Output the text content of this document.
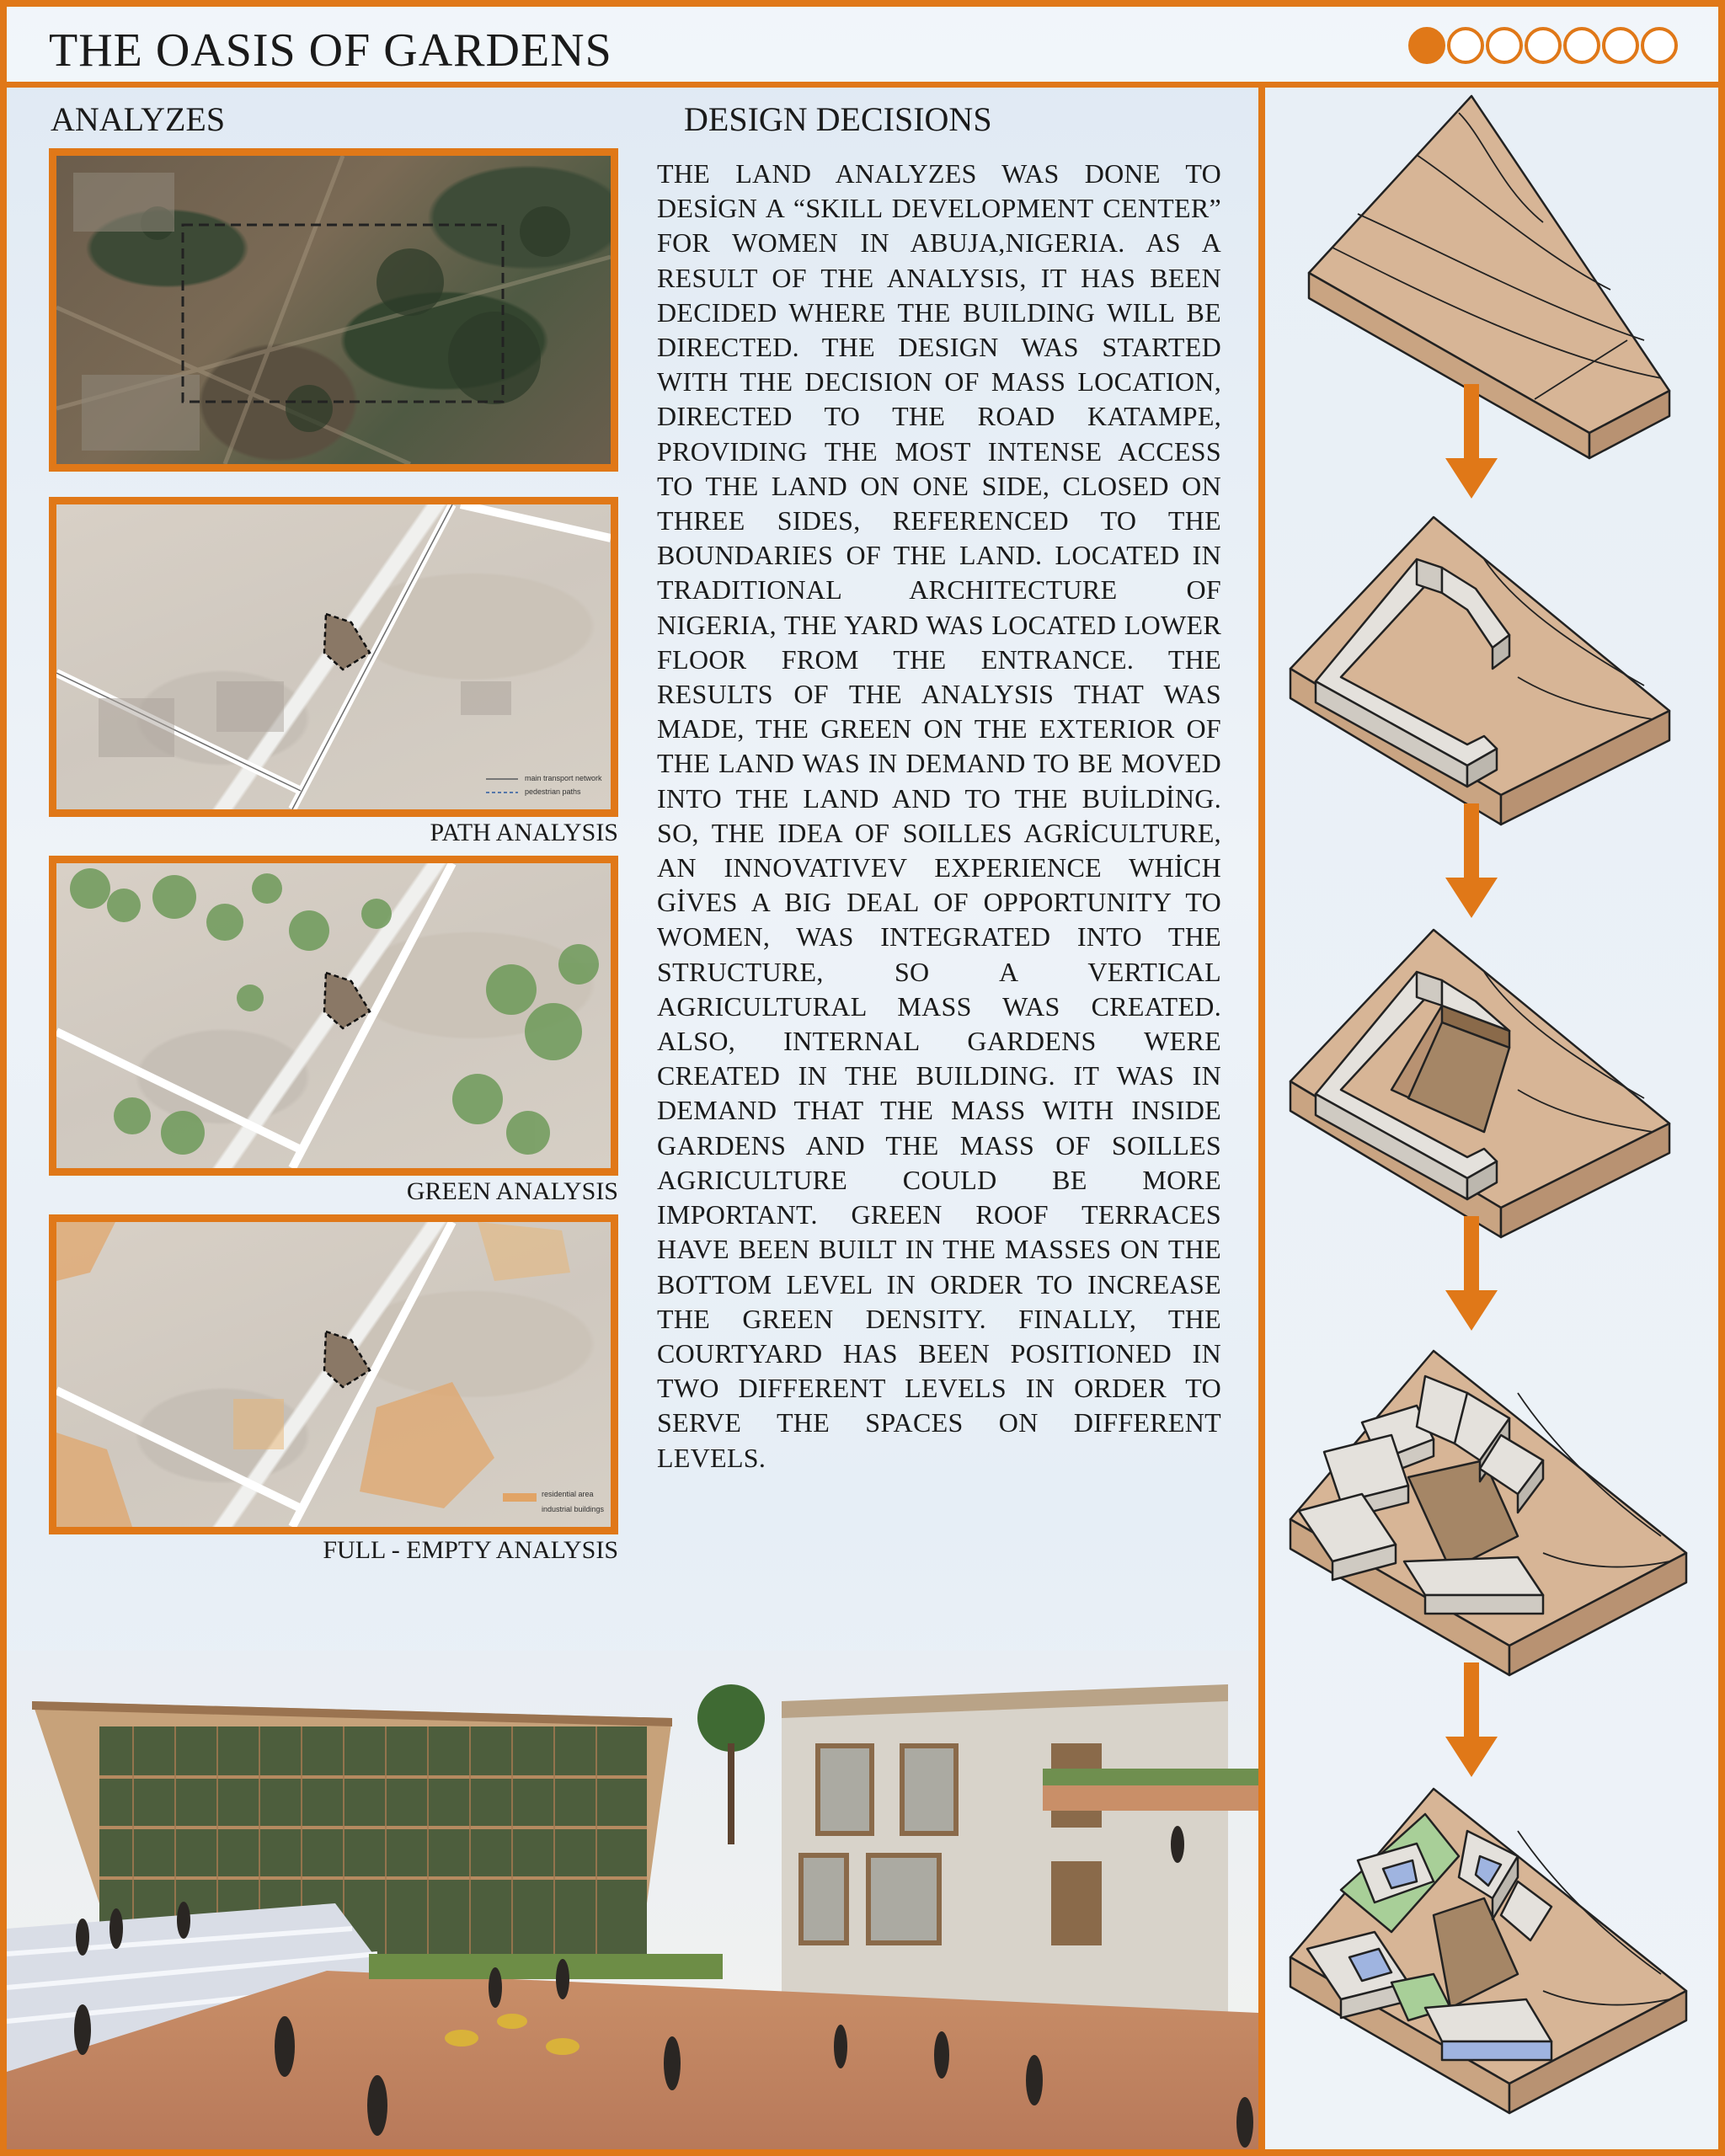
THE OASIS OF GARDENS
ANALYZES
main transport network
pedestrian paths
PATH ANALYSIS
GREEN ANALYSIS
residential area
industrial buildings
FULL - EMPTY ANALYSIS
DESIGN DECISIONS
THE LAND ANALYZES WAS DONE TO DESİGN A “SKILL DEVELOPMENT CENTER” FOR WOMEN IN ABUJA,NIGERIA. AS A RESULT OF THE ANALYSIS, IT HAS BEEN DECIDED WHERE THE BUILDING WILL BE DIRECTED. THE DESIGN WAS STARTED WITH THE DECISION OF MASS LOCATION, DIRECTED TO THE ROAD KATAMPE, PROVIDING THE MOST INTENSE ACCESS TO THE LAND ON ONE SIDE, CLOSED ON THREE SIDES, REFERENCED TO THE BOUNDARIES OF THE LAND. LOCATED IN TRADITIONAL ARCHITECTURE OF NIGERIA, THE YARD WAS LOCATED LOWER FLOOR FROM THE ENTRANCE. THE RESULTS OF THE ANALYSIS THAT WAS MADE, THE GREEN ON THE EXTERIOR OF THE LAND WAS IN DEMAND TO BE MOVED INTO THE LAND AND TO THE BUİLDİNG. SO, THE IDEA OF SOILLES AGRİCULTURE, AN INNOVATIVEV EXPERIENCE WHİCH GİVES A BIG DEAL OF OPPORTUNITY TO WOMEN, WAS INTEGRATED INTO THE STRUCTURE, SO A VERTICAL AGRICULTURAL MASS WAS CREATED. ALSO, INTERNAL GARDENS WERE CREATED IN THE BUILDING. IT WAS IN DEMAND THAT THE MASS WITH INSIDE GARDENS AND THE MASS OF SOILLES AGRICULTURE COULD BE MORE IMPORTANT. GREEN ROOF TERRACES HAVE BEEN BUILT IN THE MASSES ON THE BOTTOM LEVEL IN ORDER TO INCREASE THE GREEN DENSITY. FINALLY, THE COURTYARD HAS BEEN POSITIONED IN TWO DIFFERENT LEVELS IN ORDER TO SERVE THE SPACES ON DIFFERENT LEVELS.
